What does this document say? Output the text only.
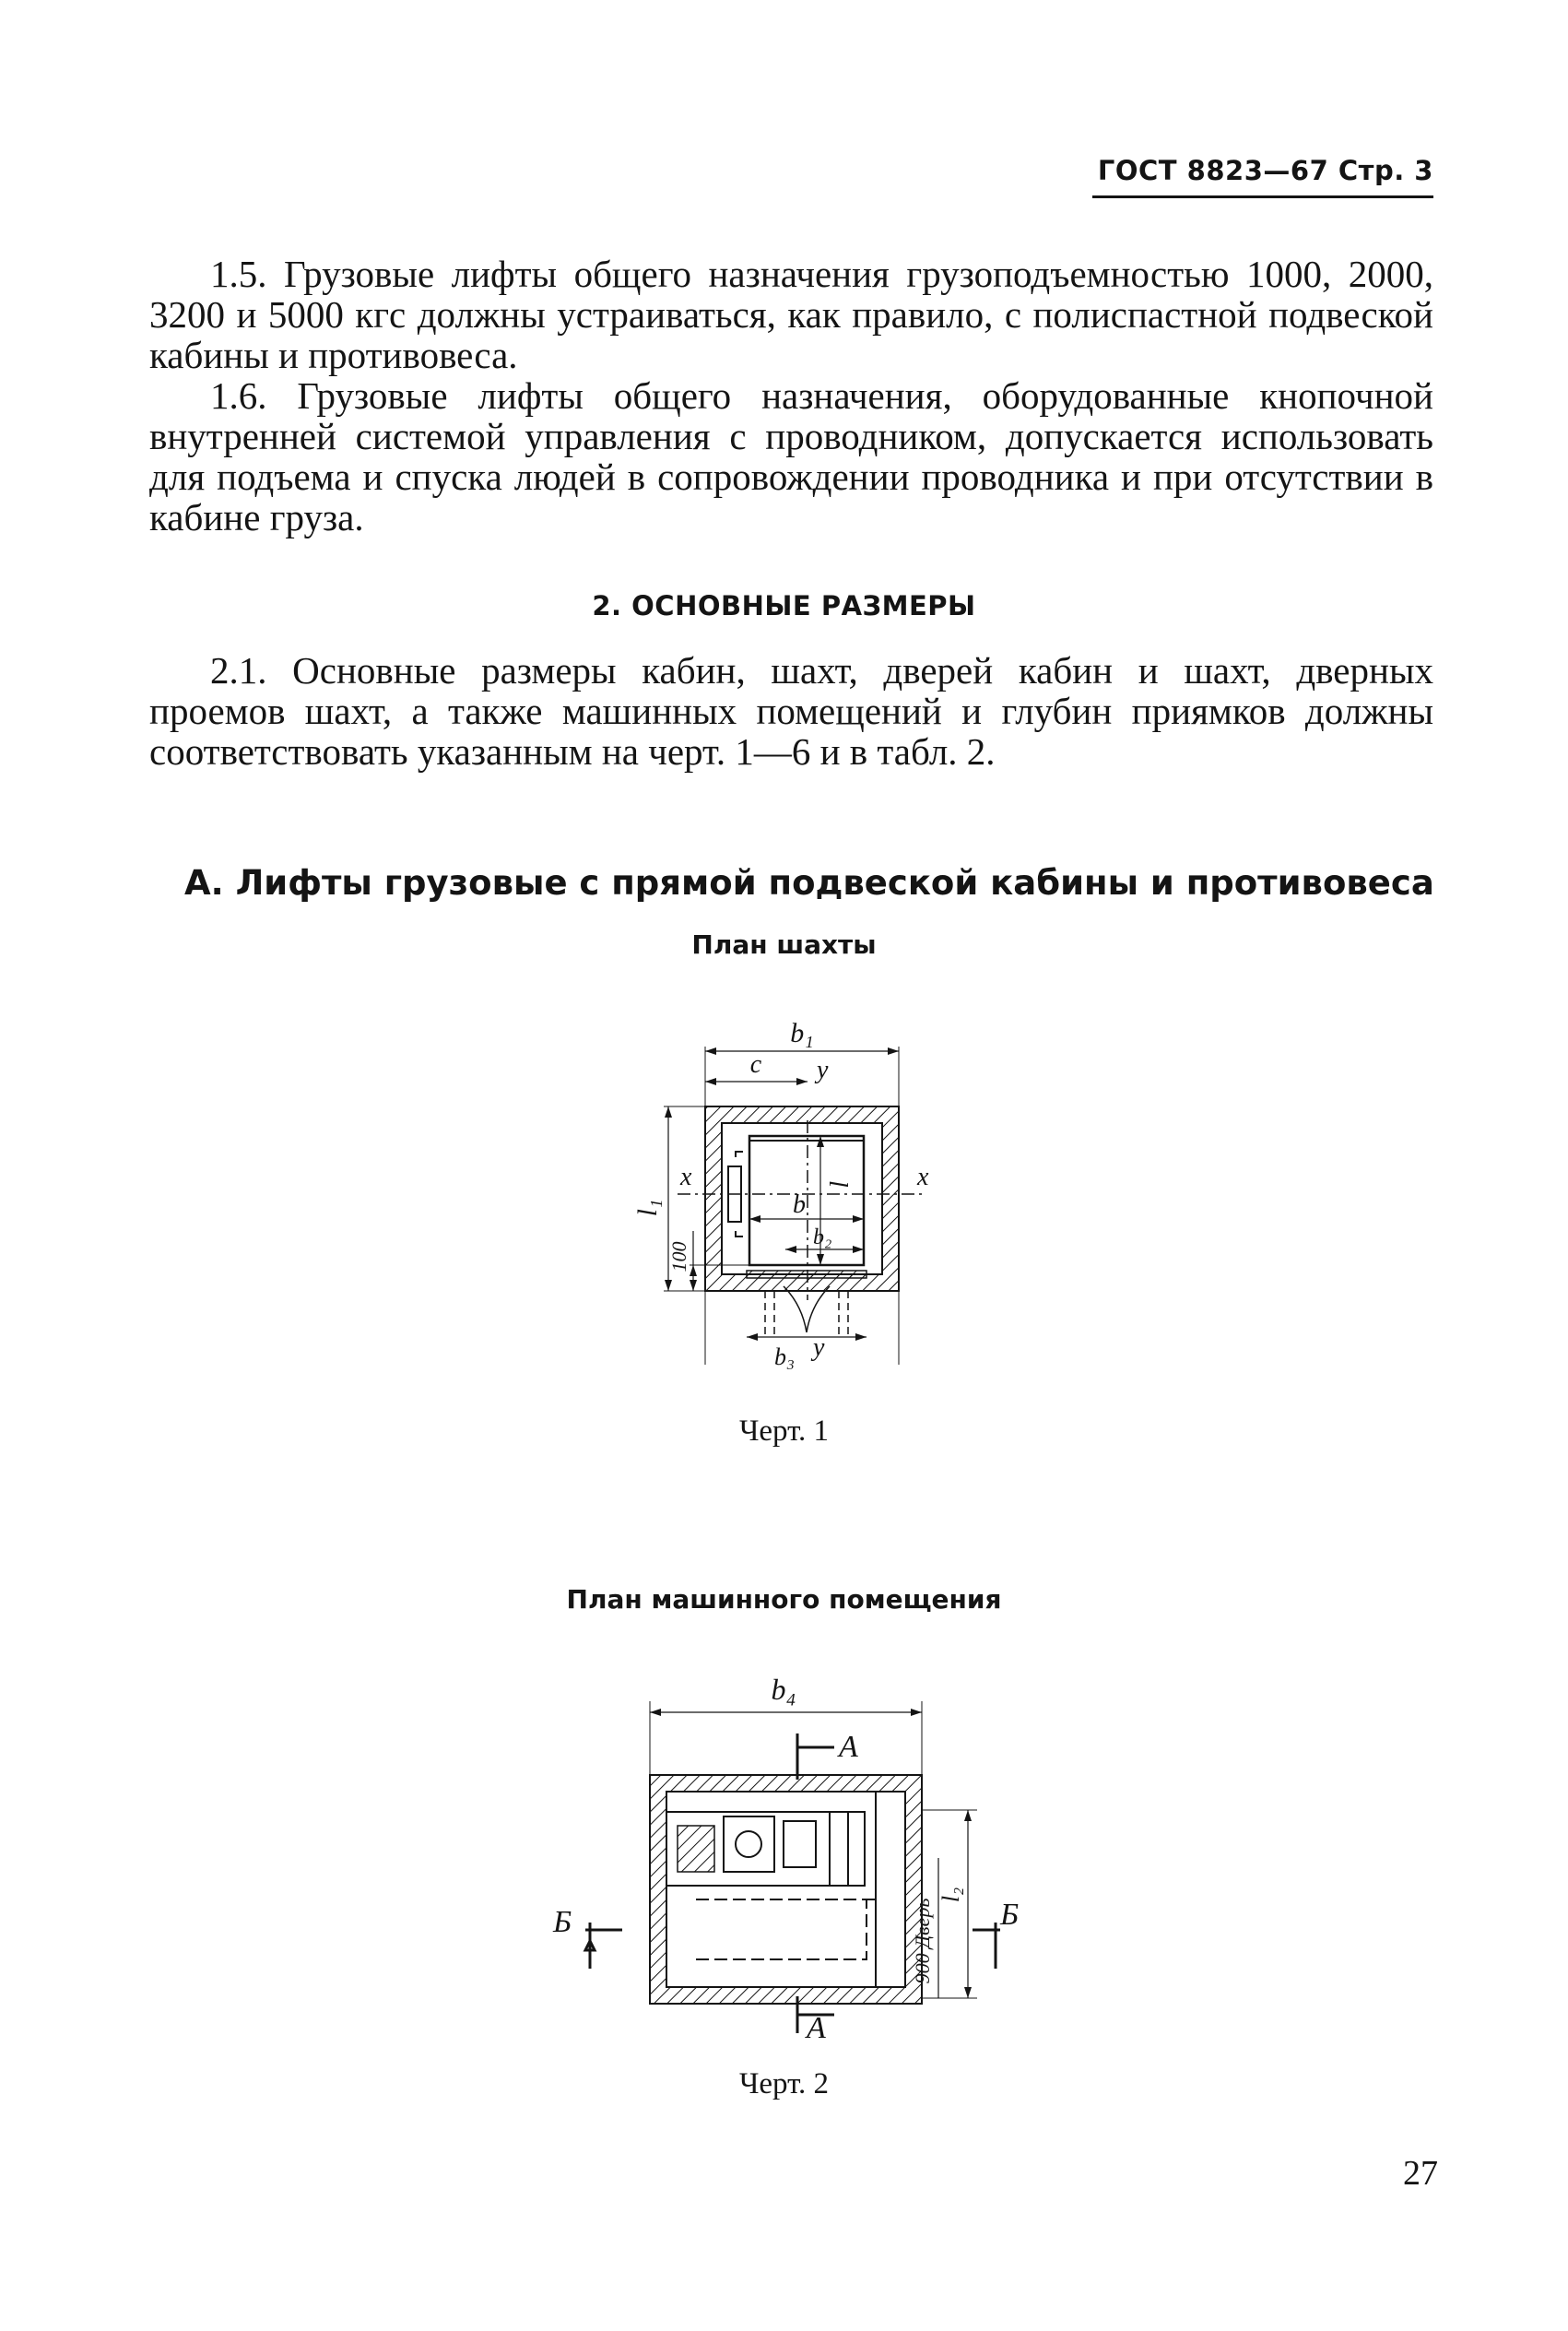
ГОСТ 8823—67 Стр. 3
1.5. Грузовые лифты общего назначения грузоподъемностью 1000, 2000, 3200 и 5000 кгс должны устраиваться, как правило, с полиспастной подвеской кабины и противовеса.
1.6. Грузовые лифты общего назначения, оборудованные кнопочной внутренней системой управления с проводником, допускается использовать для подъема и спуска людей в сопровождении проводника и при отсутствии в кабине груза.
2. ОСНОВНЫЕ РАЗМЕРЫ
2.1. Основные размеры кабин, шахт, дверей кабин и шахт, дверных проемов шахт, а также машинных помещений и глубин приямков должны соответствовать указанным на черт. 1—6 и в табл. 2.
А. Лифты грузовые с прямой подвеской кабины и противовеса
План шахты
b₁
c y
x	x
l
l₁
100
b
b₂
b₃ y
Черт. 1
План машинного помещения
b₄
А
А
Б	Б
900 Дверь
l₂
Черт. 2
27
